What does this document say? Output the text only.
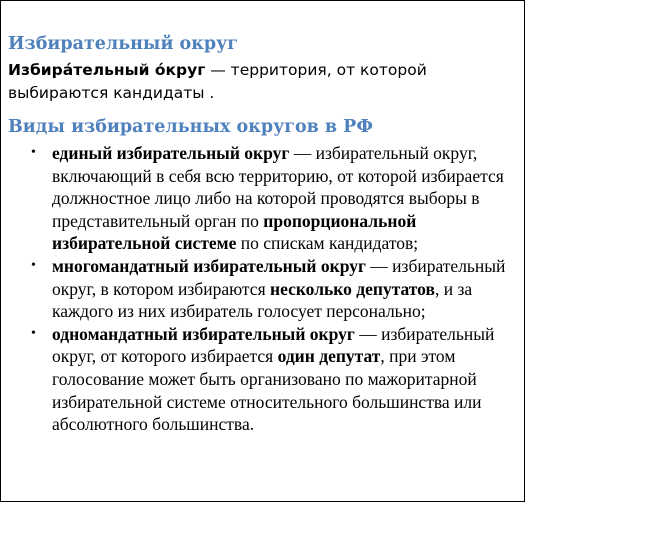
Избирательный округ

Избира́тельный о́круг — территория, от которой выбираются кандидаты .

Виды избирательных округов в РФ
• единый избирательный округ — избирательный округ, включающий в себя всю территорию, от которой избирается должностное лицо либо на которой проводятся выборы в представительный орган по пропорциональной избирательной системе по спискам кандидатов;
• многомандатный избирательный округ — избирательный округ, в котором избираются несколько депутатов, и за каждого из них избиратель голосует персонально;
• одномандатный избирательный округ — избирательный округ, от которого избирается один депутат, при этом голосование может быть организовано по мажоритарной избирательной системе относительного большинства или абсолютного большинства.
